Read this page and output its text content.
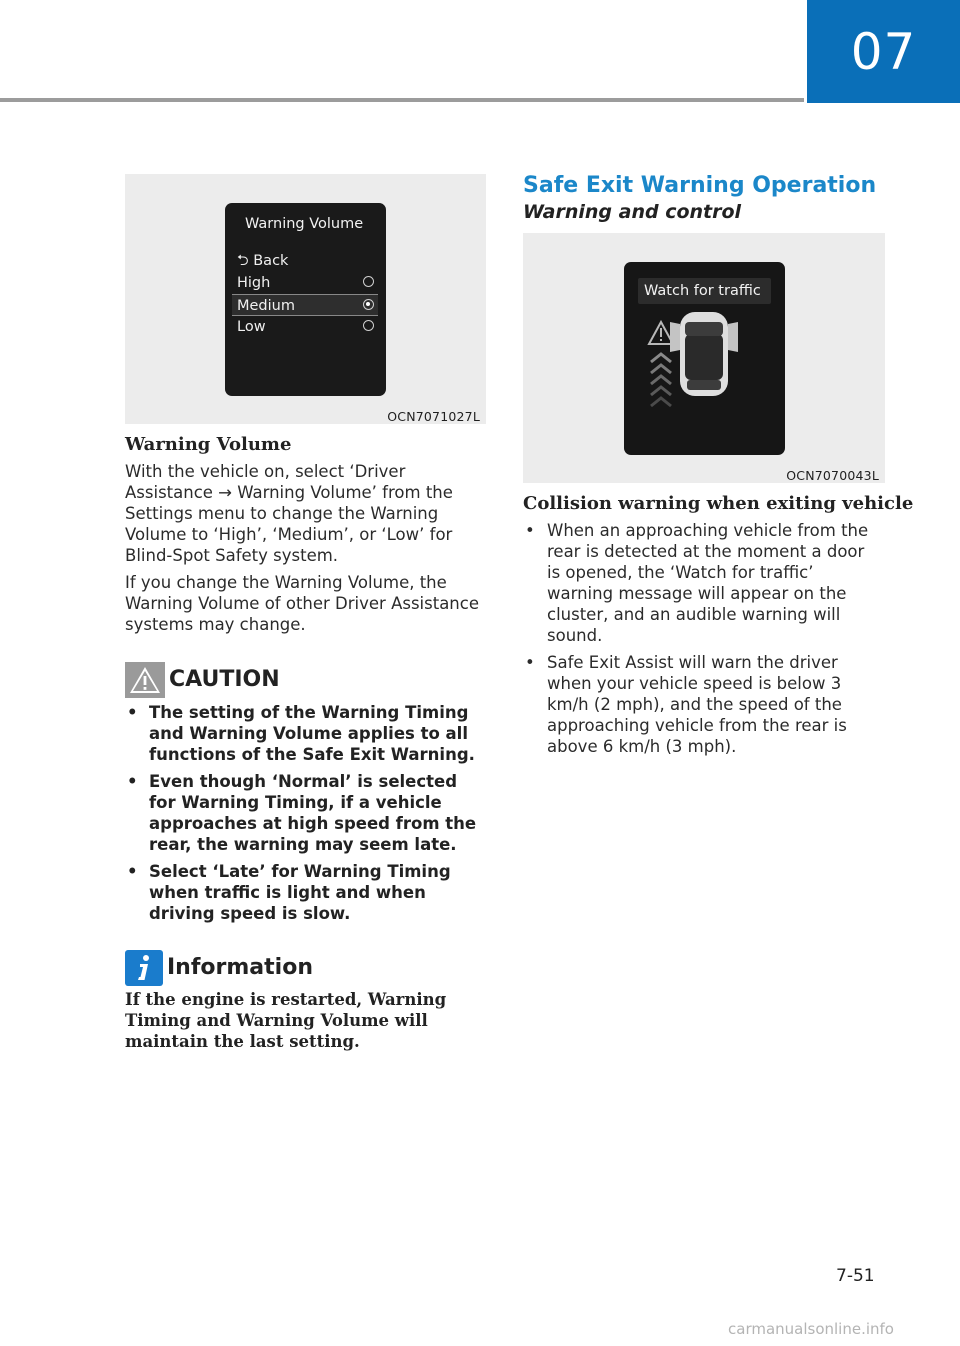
07
Warning Volume
⮌ Back
High
Medium
Low
OCN7071027L
Warning Volume

With the vehicle on, select ‘Driver Assistance → Warning Volume’ from the Settings menu to change the Warning Volume to ‘High’, ‘Medium’, or ‘Low’ for Blind-Spot Safety system.

If you change the Warning Volume, the Warning Volume of other Driver Assistance systems may change.

CAUTION
• The setting of the Warning Timing and Warning Volume applies to all functions of the Safe Exit Warning.
• Even though ‘Normal’ is selected for Warning Timing, if a vehicle approaches at high speed from the rear, the warning may seem late.
• Select ‘Late’ for Warning Timing when traffic is light and when driving speed is slow.
Information

If the engine is restarted, Warning Timing and Warning Volume will maintain the last setting.

Safe Exit Warning Operation
Warning and control
Watch for traffic
OCN7070043L
Collision warning when exiting vehicle
• When an approaching vehicle from the rear is detected at the moment a door is opened, the ‘Watch for traffic’ warning message will appear on the cluster, and an audible warning will sound.
• Safe Exit Assist will warn the driver when your vehicle speed is below 3 km/h (2 mph), and the speed of the approaching vehicle from the rear is above 6 km/h (3 mph).
7-51
carmanualsonline.info
